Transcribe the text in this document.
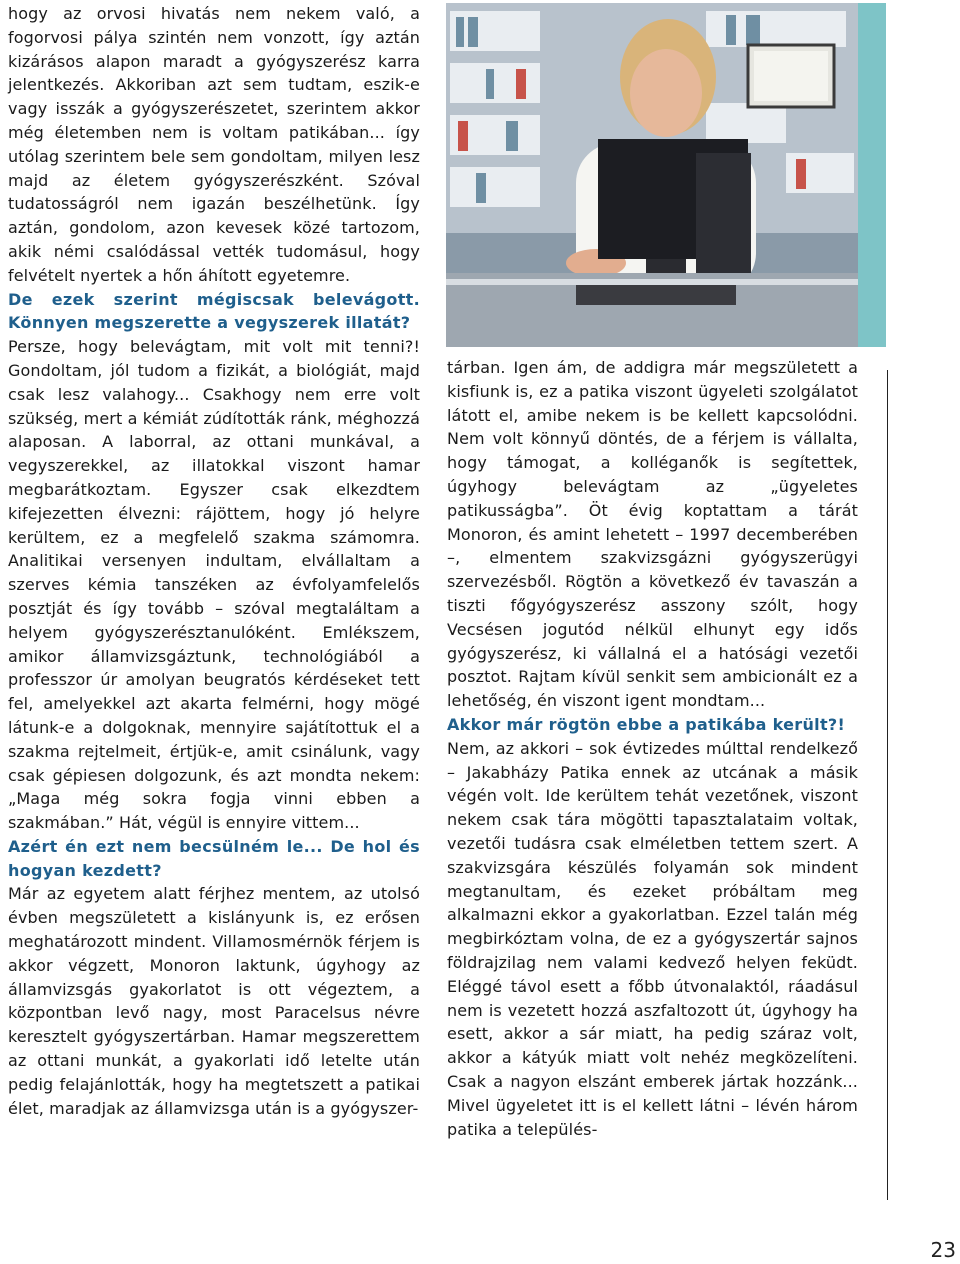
hogy az orvosi hivatás nem nekem való, a fogorvosi pálya szintén nem vonzott, így aztán kizárásos alapon maradt a gyógyszerész karra jelentkezés. Akkoriban azt sem tudtam, eszik-e vagy isszák a gyógyszerészetet, szerintem akkor még életemben nem is voltam patikában... így utólag szerintem bele sem gondoltam, milyen lesz majd az életem gyógyszerészként. Szóval tudatosságról nem igazán beszélhetünk. Így aztán, gondolom, azon kevesek közé tartozom, akik némi csalódással vették tudomásul, hogy felvételt nyertek a hőn áhított egyetemre.

De ezek szerint mégiscsak belevágott. Könnyen megszerette a vegyszerek illatát?

Persze, hogy belevágtam, mit volt mit tenni?! Gondoltam, jól tudom a fizikát, a biológiát, majd csak lesz valahogy... Csakhogy nem erre volt szükség, mert a kémiát zúdították ránk, méghozzá alaposan. A laborral, az ottani munkával, a vegyszerekkel, az illatokkal viszont hamar megbarátkoztam. Egyszer csak elkezdtem kifejezetten élvezni: rájöttem, hogy jó helyre kerültem, ez a megfelelő szakma számomra. Analitikai versenyen indultam, elvállaltam a szerves kémia tanszéken az évfolyamfelelős posztját és így tovább – szóval megtaláltam a helyem gyógyszerésztanulóként. Emlékszem, amikor államvizsgáztunk, technológiából a professzor úr amolyan beugratós kérdéseket tett fel, amelyekkel azt akarta felmérni, hogy mögé látunk-e a dolgoknak, mennyire sajátítottuk el a szakma rejtelmeit, értjük-e, amit csinálunk, vagy csak gépiesen dolgozunk, és azt mondta nekem: „Maga még sokra fogja vinni ebben a szakmában.” Hát, végül is ennyire vittem...

Azért én ezt nem becsülném le... De hol és hogyan kezdett?

Már az egyetem alatt férjhez mentem, az utolsó évben megszületett a kislányunk is, ez erősen meghatározott mindent. Villamosmérnök férjem is akkor végzett, Monoron laktunk, úgyhogy az államvizsgás gyakorlatot is ott végeztem, a központban levő nagy, most Paracelsus névre keresztelt gyógyszertárban. Hamar megszerettem az ottani munkát, a gyakorlati idő letelte után pedig felajánlották, hogy ha megtetszett a patikai élet, maradjak az államvizsga után is a gyógyszer-

tárban. Igen ám, de addigra már megszületett a kisfiunk is, ez a patika viszont ügyeleti szolgálatot látott el, amibe nekem is be kellett kapcsolódni. Nem volt könnyű döntés, de a férjem is vállalta, hogy támogat, a kolléganők is segítettek, úgyhogy belevágtam az „ügyeletes patikusságba”. Öt évig koptattam a tárát Monoron, és amint lehetett – 1997 decemberében –, elmentem szakvizsgázni gyógyszerügyi szervezésből. Rögtön a következő év tavaszán a tiszti főgyógyszerész asszony szólt, hogy Vecsésen jogutód nélkül elhunyt egy idős gyógyszerész, ki vállalná el a hatósági vezetői posztot. Rajtam kívül senkit sem ambicionált ez a lehetőség, én viszont igent mondtam...

Akkor már rögtön ebbe a patikába került?!

Nem, az akkori – sok évtizedes múlttal rendelkező – Jakabházy Patika ennek az utcának a másik végén volt. Ide kerültem tehát vezetőnek, viszont nekem csak tára mögötti tapasztalataim voltak, vezetői tudásra csak elméletben tettem szert. A szakvizsgára készülés folyamán sok mindent megtanultam, és ezeket próbáltam meg alkalmazni ekkor a gyakorlatban. Ezzel talán még megbirkóztam volna, de ez a gyógyszertár sajnos földrajzilag nem valami kedvező helyen feküdt. Eléggé távol esett a főbb útvonalaktól, ráadásul nem is vezetett hozzá aszfaltozott út, úgyhogy ha esett, akkor a sár miatt, ha pedig száraz volt, akkor a kátyúk miatt volt nehéz megközelíteni. Csak a nagyon elszánt emberek jártak hozzánk... Mivel ügyeletet itt is el kellett látni – lévén három patika a település-

23
